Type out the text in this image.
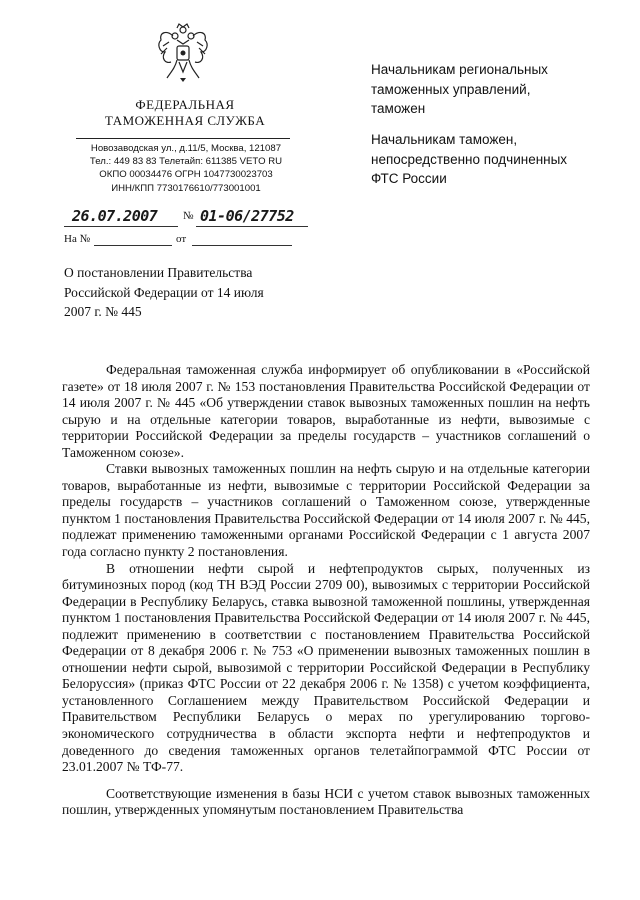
ФЕДЕРАЛЬНАЯ
ТАМОЖЕННАЯ СЛУЖБА
Новозаводская ул., д.11/5, Москва, 121087
Тел.: 449 83 83 Телетайп: 611385 VETO RU
ОКПО 00034476 ОГРН 1047730023703
ИНН/КПП 7730176610/773001001
26.07.2007 № 01-06/27752
На №	от
О постановлении Правительства
Российской Федерации от 14 июля
2007 г. № 445
Начальникам региональных
таможенных управлений,
таможен
Начальникам таможен,
непосредственно подчиненных
ФТС России

Федеральная таможенная служба информирует об опубликовании в «Российской газете» от 18 июля 2007 г. № 153 постановления Правительства Российской Федерации от 14 июля 2007 г. № 445 «Об утверждении ставок вывозных таможенных пошлин на нефть сырую и на отдельные категории товаров, выработанные из нефти, вывозимые с территории Российской Федерации за пределы государств – участников соглашений о Таможенном союзе».

Ставки вывозных таможенных пошлин на нефть сырую и на отдельные категории товаров, выработанные из нефти, вывозимые с территории Российской Федерации за пределы государств – участников соглашений о Таможенном союзе, утвержденные пунктом 1 постановления Правительства Российской Федерации от 14 июля 2007 г. № 445, подлежат применению таможенными органами Российской Федерации с 1 августа 2007 года согласно пункту 2 постановления.

В отношении нефти сырой и нефтепродуктов сырых, полученных из битуминозных пород (код ТН ВЭД России 2709 00), вывозимых с территории Российской Федерации в Республику Беларусь, ставка вывозной таможенной пошлины, утвержденная пунктом 1 постановления Правительства Российской Федерации от 14 июля 2007 г. № 445, подлежит применению в соответствии с постановлением Правительства Российской Федерации от 8 декабря 2006 г. № 753 «О применении вывозных таможенных пошлин в отношении нефти сырой, вывозимой с территории Российской Федерации в Республику Белоруссия» (приказ ФТС России от 22 декабря 2006 г. № 1358) с учетом коэффициента, установленного Соглашением между Правительством Российской Федерации и Правительством Республики Беларусь о мерах по урегулированию торгово-экономического сотрудничества в области экспорта нефти и нефтепродуктов и доведенного до сведения таможенных органов телетайпограммой ФТС России от 23.01.2007 № ТФ-77.

Соответствующие изменения в базы НСИ с учетом ставок вывозных таможенных пошлин, утвержденных упомянутым постановлением Правительства
